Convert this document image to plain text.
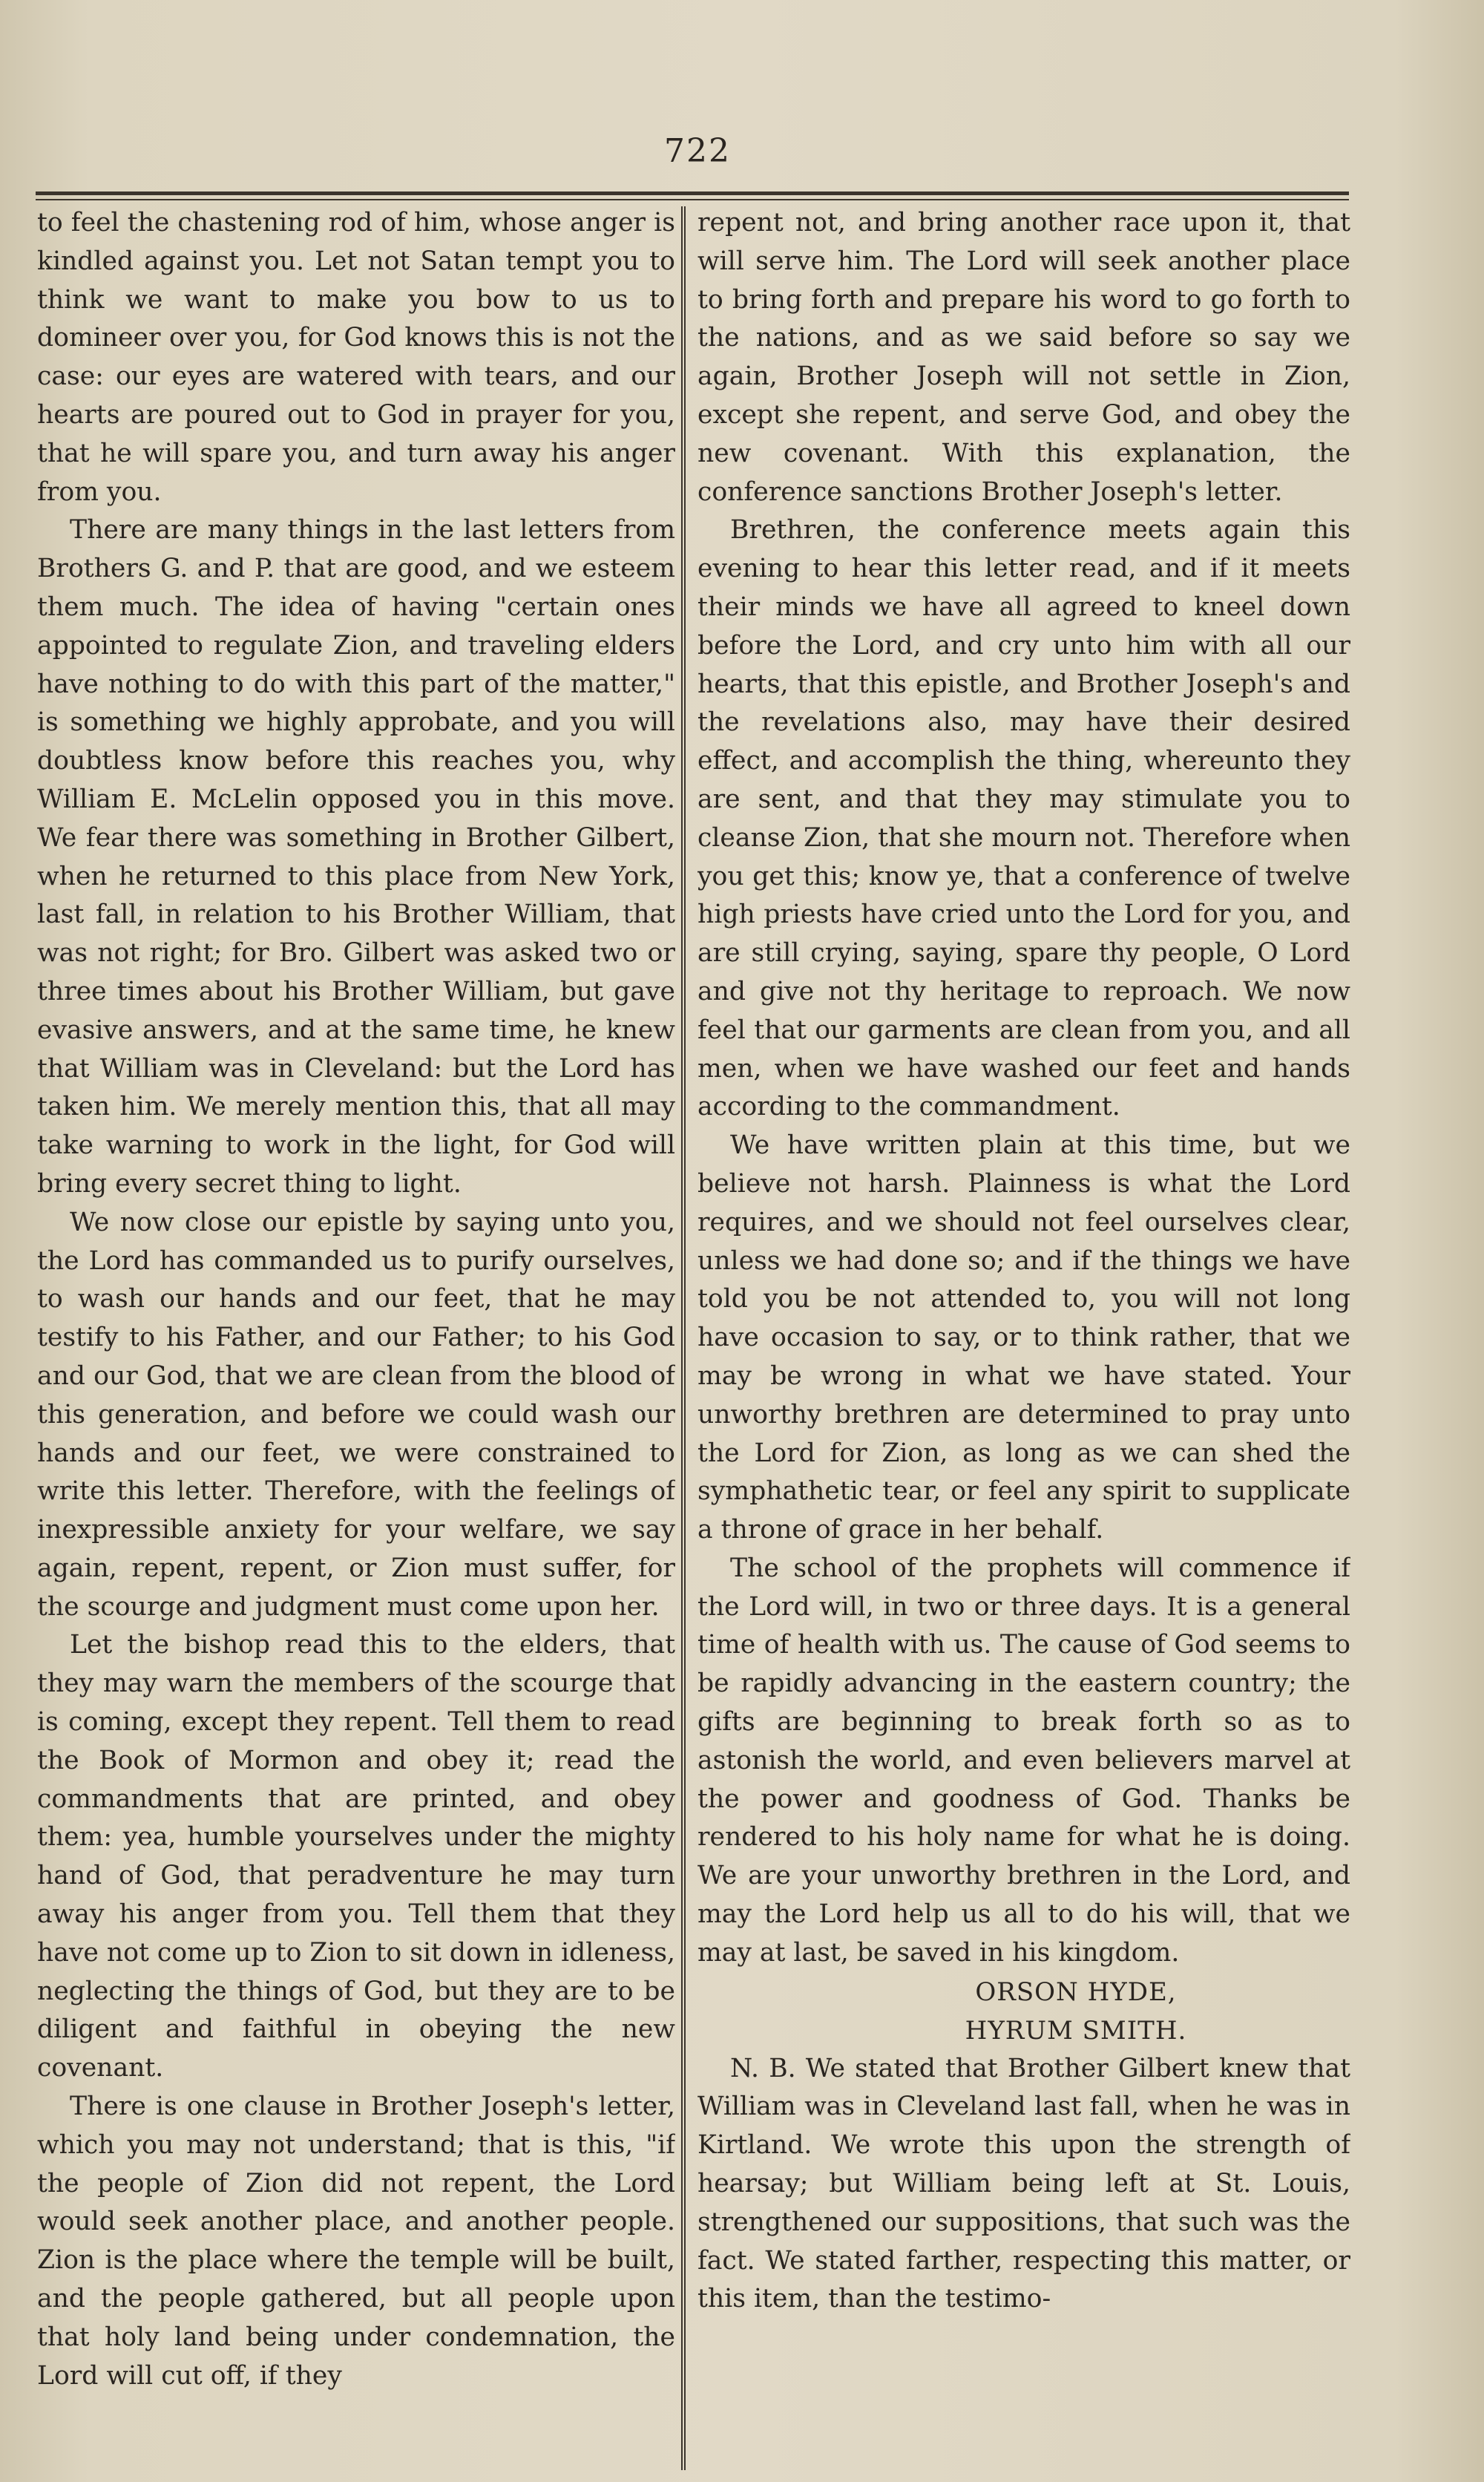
722

to feel the chastening rod of him, whose anger is kindled against you. Let not Satan tempt you to think we want to make you bow to us to domineer over you, for God knows this is not the case: our eyes are watered with tears, and our hearts are poured out to God in prayer for you, that he will spare you, and turn away his anger from you.

There are many things in the last letters from Brothers G. and P. that are good, and we esteem them much. The idea of having "certain ones appointed to regulate Zion, and traveling elders have nothing to do with this part of the matter," is something we highly approbate, and you will doubtless know before this reaches you, why William E. McLelin opposed you in this move. We fear there was something in Brother Gilbert, when he returned to this place from New York, last fall, in relation to his Brother William, that was not right; for Bro. Gilbert was asked two or three times about his Brother William, but gave evasive answers, and at the same time, he knew that William was in Cleveland: but the Lord has taken him. We merely mention this, that all may take warning to work in the light, for God will bring every secret thing to light.

We now close our epistle by saying unto you, the Lord has commanded us to purify ourselves, to wash our hands and our feet, that he may testify to his Father, and our Father; to his God and our God, that we are clean from the blood of this generation, and before we could wash our hands and our feet, we were constrained to write this letter. Therefore, with the feelings of inexpressible anxiety for your welfare, we say again, repent, repent, or Zion must suffer, for the scourge and judgment must come upon her.

Let the bishop read this to the elders, that they may warn the members of the scourge that is coming, except they repent. Tell them to read the Book of Mormon and obey it; read the commandments that are printed, and obey them: yea, humble yourselves under the mighty hand of God, that peradventure he may turn away his anger from you. Tell them that they have not come up to Zion to sit down in idleness, neglecting the things of God, but they are to be diligent and faithful in obeying the new covenant.

There is one clause in Brother Joseph's letter, which you may not understand; that is this, "if the people of Zion did not repent, the Lord would seek another place, and another people. Zion is the place where the temple will be built, and the people gathered, but all people upon that holy land being under condemnation, the Lord will cut off, if they

repent not, and bring another race upon it, that will serve him. The Lord will seek another place to bring forth and prepare his word to go forth to the nations, and as we said before so say we again, Brother Joseph will not settle in Zion, except she repent, and serve God, and obey the new covenant. With this explanation, the conference sanctions Brother Joseph's letter.

Brethren, the conference meets again this evening to hear this letter read, and if it meets their minds we have all agreed to kneel down before the Lord, and cry unto him with all our hearts, that this epistle, and Brother Joseph's and the revelations also, may have their desired effect, and accomplish the thing, whereunto they are sent, and that they may stimulate you to cleanse Zion, that she mourn not. Therefore when you get this; know ye, that a conference of twelve high priests have cried unto the Lord for you, and are still crying, saying, spare thy people, O Lord and give not thy heritage to reproach. We now feel that our garments are clean from you, and all men, when we have washed our feet and hands according to the commandment.

We have written plain at this time, but we believe not harsh. Plainness is what the Lord requires, and we should not feel ourselves clear, unless we had done so; and if the things we have told you be not attended to, you will not long have occasion to say, or to think rather, that we may be wrong in what we have stated. Your unworthy brethren are determined to pray unto the Lord for Zion, as long as we can shed the symphathetic tear, or feel any spirit to supplicate a throne of grace in her behalf.

The school of the prophets will commence if the Lord will, in two or three days. It is a general time of health with us. The cause of God seems to be rapidly advancing in the eastern country; the gifts are beginning to break forth so as to astonish the world, and even believers marvel at the power and goodness of God. Thanks be rendered to his holy name for what he is doing. We are your unworthy brethren in the Lord, and may the Lord help us all to do his will, that we may at last, be saved in his kingdom.

ORSON HYDE,
HYRUM SMITH.

N. B. We stated that Brother Gilbert knew that William was in Cleveland last fall, when he was in Kirtland. We wrote this upon the strength of hearsay; but William being left at St. Louis, strengthened our suppositions, that such was the fact. We stated farther, respecting this matter, or this item, than the testimo-
